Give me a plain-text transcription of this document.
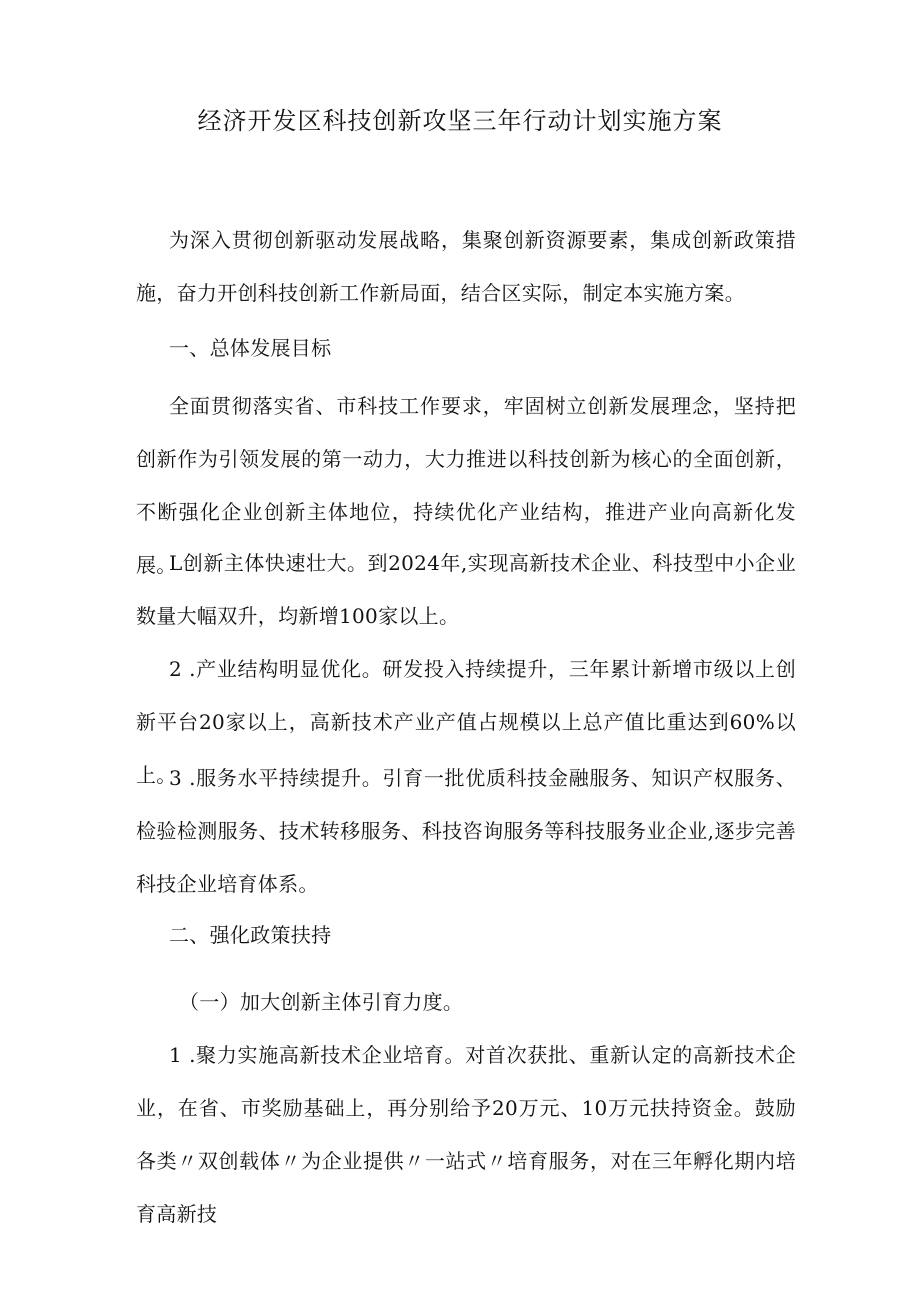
经济开发区科技创新攻坚三年行动计划实施方案
为深入贯彻创新驱动发展战略，集聚创新资源要素，集成创新政策措施，奋力开创科技创新工作新局面，结合区实际，制定本实施方案。
一、总体发展目标
全面贯彻落实省、市科技工作要求，牢固树立创新发展理念，坚持把创新作为引领发展的第一动力，大力推进以科技创新为核心的全面创新，不断强化企业创新主体地位，持续优化产业结构，推进产业向高新化发展。
L创新主体快速壮大。到2024年,实现高新技术企业、科技型中小企业数量大幅双升，均新增100家以上。
2 .产业结构明显优化。研发投入持续提升，三年累计新增市级以上创新平台20家以上，高新技术产业产值占规模以上总产值比重达到60%以上。
3 .服务水平持续提升。引育一批优质科技金融服务、知识产权服务、检验检测服务、技术转移服务、科技咨询服务等科技服务业企业,逐步完善科技企业培育体系。
二、强化政策扶持
（一）加大创新主体引育力度。
1 .聚力实施高新技术企业培育。对首次获批、重新认定的高新技术企业，在省、市奖励基础上，再分别给予20万元、10万元扶持资金。鼓励各类〃双创载体〃为企业提供〃一站式〃培育服务，对在三年孵化期内培育高新技
